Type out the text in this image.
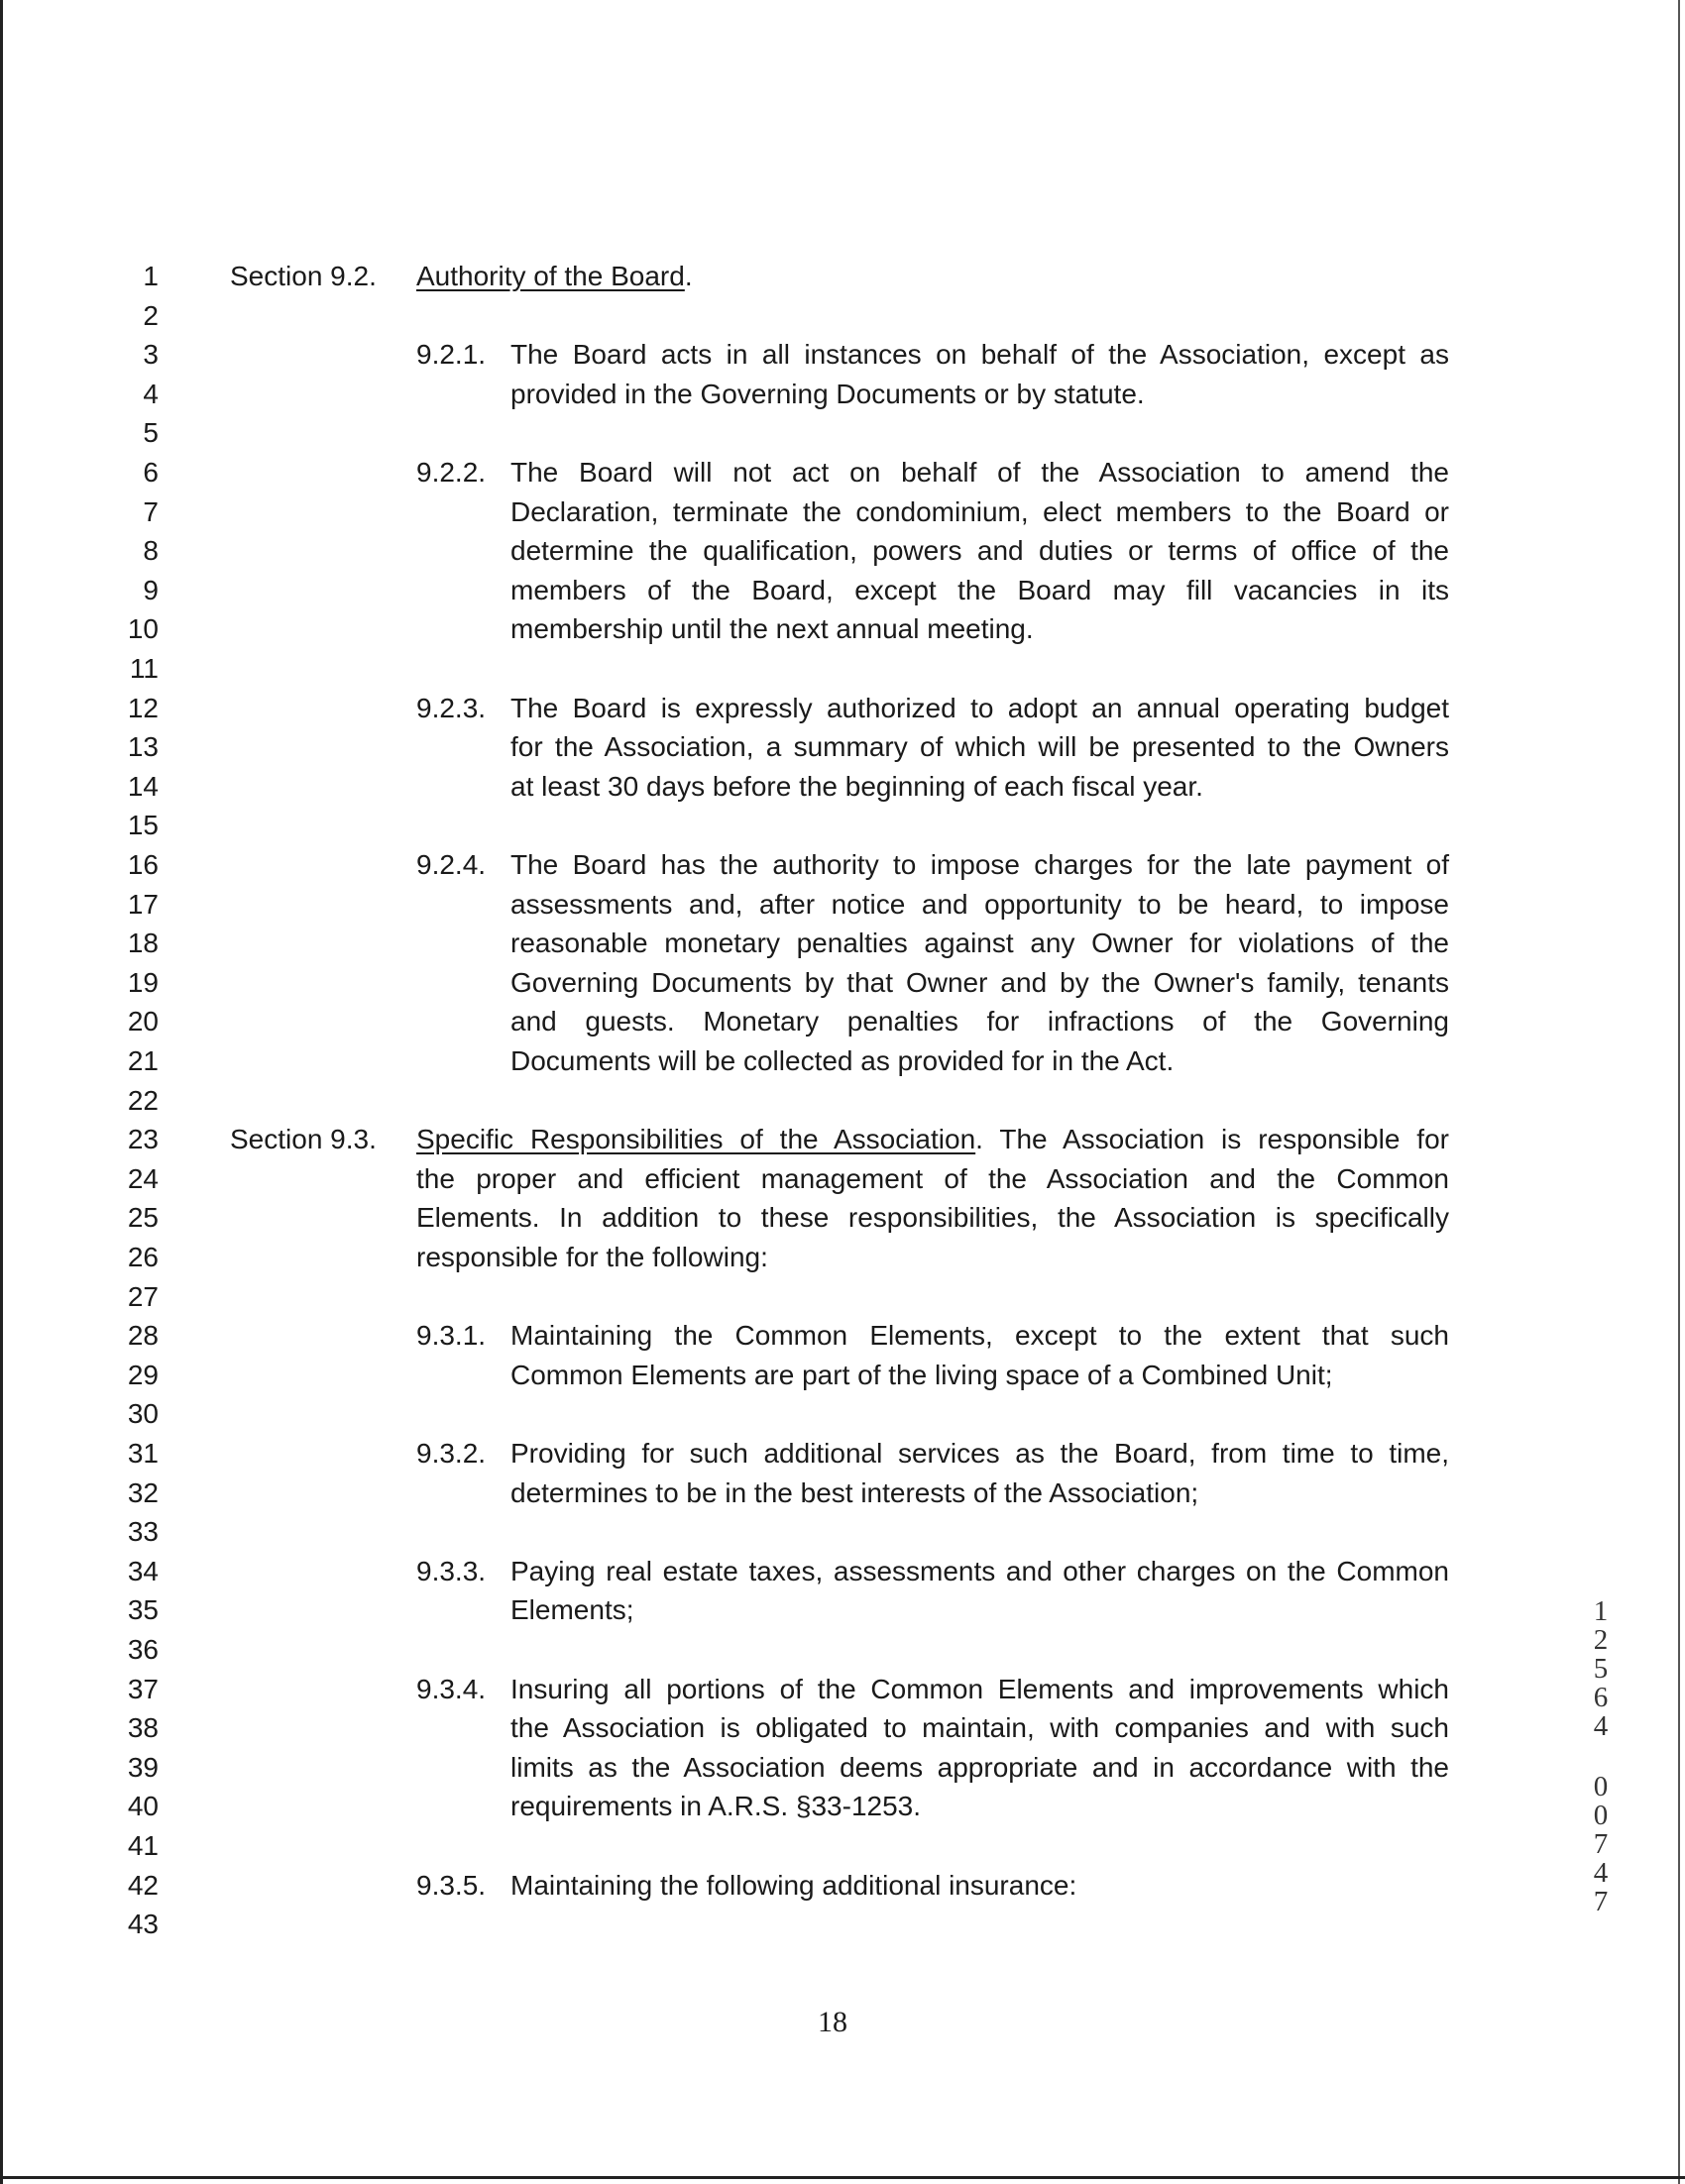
1
2
3
4
5
6
7
8
9
10
11
12
13
14
15
16
17
18
19
20
21
22
23
24
25
26
27
28
29
30
31
32
33
34
35
36
37
38
39
40
41
42
43
Section 9.2. Authority of the Board.
9.2.1. The Board acts in all instances on behalf of the Association, except as
provided in the Governing Documents or by statute.
9.2.2. The Board will not act on behalf of the Association to amend the
Declaration, terminate the condominium, elect members to the Board or
determine the qualification, powers and duties or terms of office of the
members of the Board, except the Board may fill vacancies in its
membership until the next annual meeting.
9.2.3. The Board is expressly authorized to adopt an annual operating budget
for the Association, a summary of which will be presented to the Owners
at least 30 days before the beginning of each fiscal year.
9.2.4. The Board has the authority to impose charges for the late payment of
assessments and, after notice and opportunity to be heard, to impose
reasonable monetary penalties against any Owner for violations of the
Governing Documents by that Owner and by the Owner's family, tenants
and guests. Monetary penalties for infractions of the Governing
Documents will be collected as provided for in the Act.
Section 9.3. Specific Responsibilities of the Association. The Association is responsible for
the proper and efficient management of the Association and the Common
Elements. In addition to these responsibilities, the Association is specifically
responsible for the following:
9.3.1. Maintaining the Common Elements, except to the extent that such
Common Elements are part of the living space of a Combined Unit;
9.3.2. Providing for such additional services as the Board, from time to time,
determines to be in the best interests of the Association;
9.3.3. Paying real estate taxes, assessments and other charges on the Common
Elements;
9.3.4. Insuring all portions of the Common Elements and improvements which
the Association is obligated to maintain, with companies and with such
limits as the Association deems appropriate and in accordance with the
requirements in A.R.S. §33-1253.
9.3.5. Maintaining the following additional insurance:
18
1
2
5
6
4
0
0
7
4
7
